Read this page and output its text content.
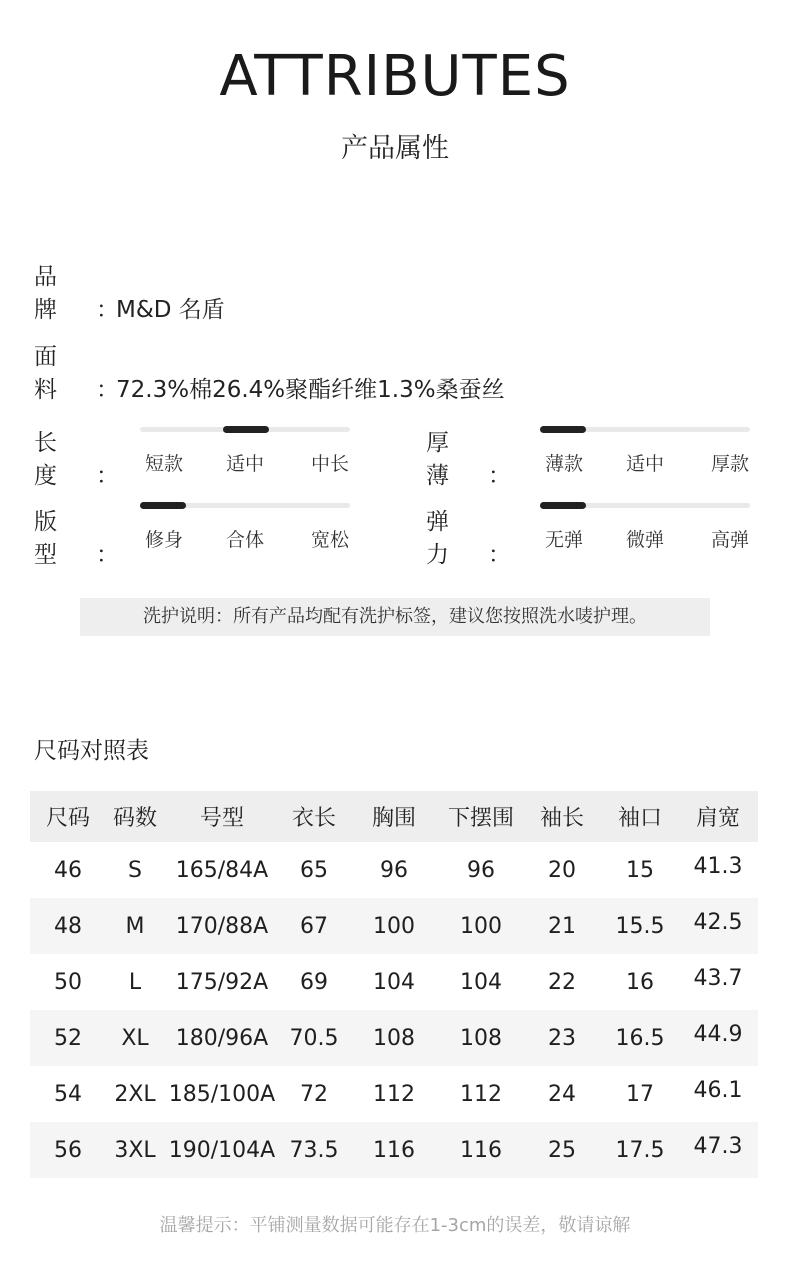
ATTRIBUTES
产品属性
品牌 ：M&D 名盾
面料 ：72.3%棉26.4%聚酯纤维1.3%桑蚕丝
长度 ：	短款	适中	中长
厚薄 ：	薄款	适中	厚款
版型 ：
修身	合体	宽松
弹力 ：
无弹	微弹	高弹
洗护说明：所有产品均配有洗护标签，建议您按照洗水唛护理。
尺码对照表
尺码	码数	号型	衣长	胸围	下摆围	袖长	袖口	肩宽
46	S	165/84A	65	96	96	20	15	41.3
48	M	170/88A	67	100	100	21	15.5	42.5
50	L	175/92A	69	104	104	22	16	43.7
52	XL	180/96A	70.5	108	108	23	16.5	44.9
54	2XL	185/100A	72	112	112	24	17	46.1
56	3XL	190/104A	73.5	116	116	25	17.5	47.3
温馨提示：平铺测量数据可能存在1-3cm的误差，敬请谅解
